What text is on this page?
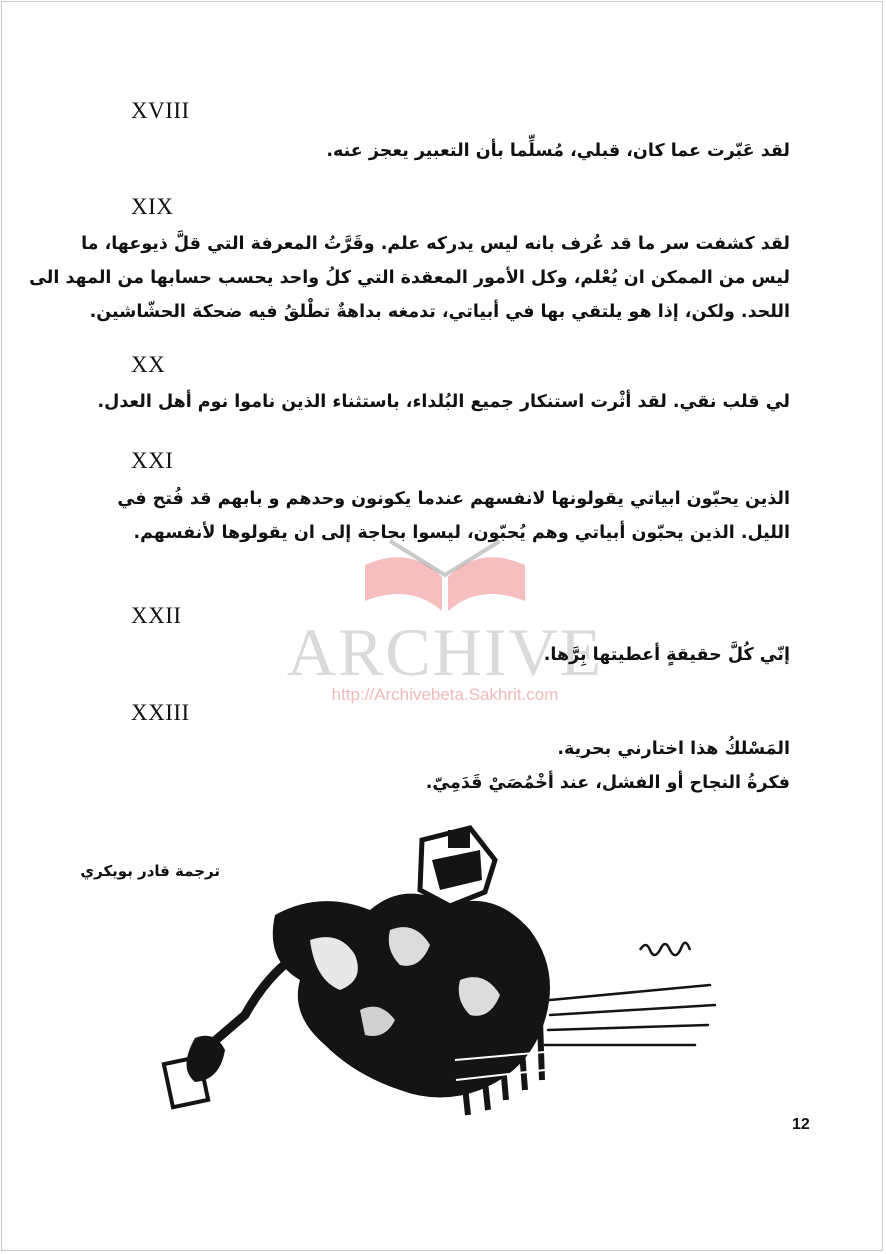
XVIII
لقد عَبّرت عما كان، قبلي، مُسلِّما بأن التعبير يعجز عنه.
XIX
لقد كشفت سر ما قد عُرف بانه ليس يدركه علم. وقَرَّتُ المعرفة التي قلَّ ذيوعها، ما
ليس من الممكن ان يُعْلم، وكل الأمور المعقدة التي كلُ واحد يحسب حسابها من المهد الى
اللحد. ولكن، إذا هو يلتقي بها في أبياتي، تدمغه بداهةٌ تطْلقُ فيه ضحكة الحشّاشين.
XX
لي قلب نقي. لقد أثْرت استنكار جميع البُلداء، باستثناء الذين ناموا نوم أهل العدل.
XXI
الذين يحبّون ابياتي يقولونها لانفسهم عندما يكونون وحدهم و بابهم قد فُتح في
الليل. الذين يحبّون أبياتي وهم يُحبّون، ليسوا بحاجة إلى ان يقولوها لأنفسهم.
ARCHIVE
http://Archivebeta.Sakhrit.com
XXII
إنّي كُلَّ حقيقةٍ أعطيتها بِرَّها.
XXIII
المَسْلكُ هذا اختارني بحرية.
فكرةُ النجاح أو الفشل، عند أخْمُصَيْ قَدَمِيّ.
ترجمة قادر بويكري
12
